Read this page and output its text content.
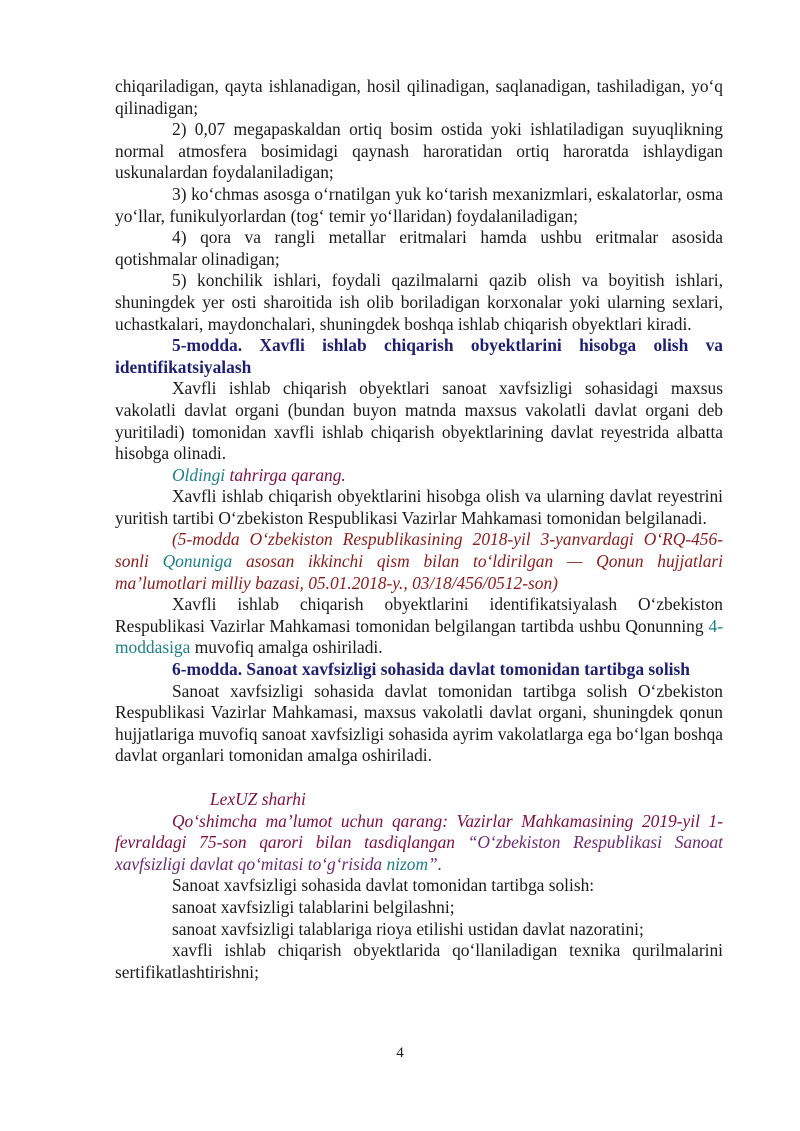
chiqariladigan, qayta ishlanadigan, hosil qilinadigan, saqlanadigan, tashiladigan, yo‘q qilinadigan;

2) 0,07 megapaskaldan ortiq bosim ostida yoki ishlatiladigan suyuqlikning normal atmosfera bosimidagi qaynash haroratidan ortiq haroratda ishlaydigan uskunalardan foydalaniladigan;

3) ko‘chmas asosga o‘rnatilgan yuk ko‘tarish mexanizmlari, eskalatorlar, osma yo‘llar, funikulyorlardan (tog‘ temir yo‘llaridan) foydalaniladigan;

4) qora va rangli metallar eritmalari hamda ushbu eritmalar asosida qotishmalar olinadigan;

5) konchilik ishlari, foydali qazilmalarni qazib olish va boyitish ishlari, shuningdek yer osti sharoitida ish olib boriladigan korxonalar yoki ularning sexlari, uchastkalari, maydonchalari, shuningdek boshqa ishlab chiqarish obyektlari kiradi.

5-modda. Xavfli ishlab chiqarish obyektlarini hisobga olish va identifikatsiyalash

Xavfli ishlab chiqarish obyektlari sanoat xavfsizligi sohasidagi maxsus vakolatli davlat organi (bundan buyon matnda maxsus vakolatli davlat organi deb yuritiladi) tomonidan xavfli ishlab chiqarish obyektlarining davlat reyestrida albatta hisobga olinadi.

Oldingi tahrirga qarang.

Xavfli ishlab chiqarish obyektlarini hisobga olish va ularning davlat reyestrini yuritish tartibi O‘zbekiston Respublikasi Vazirlar Mahkamasi tomonidan belgilanadi.

(5-modda O‘zbekiston Respublikasining 2018-yil 3-yanvardagi O‘RQ-456-sonli Qonuniga asosan ikkinchi qism bilan to‘ldirilgan — Qonun hujjatlari ma’lumotlari milliy bazasi, 05.01.2018-y., 03/18/456/0512-son)

Xavfli ishlab chiqarish obyektlarini identifikatsiyalash O‘zbekiston Respublikasi Vazirlar Mahkamasi tomonidan belgilangan tartibda ushbu Qonunning 4-moddasiga muvofiq amalga oshiriladi.

6-modda. Sanoat xavfsizligi sohasida davlat tomonidan tartibga solish

Sanoat xavfsizligi sohasida davlat tomonidan tartibga solish O‘zbekiston Respublikasi Vazirlar Mahkamasi, maxsus vakolatli davlat organi, shuningdek qonun hujjatlariga muvofiq sanoat xavfsizligi sohasida ayrim vakolatlarga ega bo‘lgan boshqa davlat organlari tomonidan amalga oshiriladi.

LexUZ sharhi

Qo‘shimcha ma’lumot uchun qarang: Vazirlar Mahkamasining 2019-yil 1-fevraldagi 75-son qarori bilan tasdiqlangan “O‘zbekiston Respublikasi Sanoat xavfsizligi davlat qo‘mitasi to‘g‘risida nizom”.

Sanoat xavfsizligi sohasida davlat tomonidan tartibga solish:

sanoat xavfsizligi talablarini belgilashni;

sanoat xavfsizligi talablariga rioya etilishi ustidan davlat nazoratini;

xavfli ishlab chiqarish obyektlarida qo‘llaniladigan texnika qurilmalarini sertifikatlashtirishni;

4
